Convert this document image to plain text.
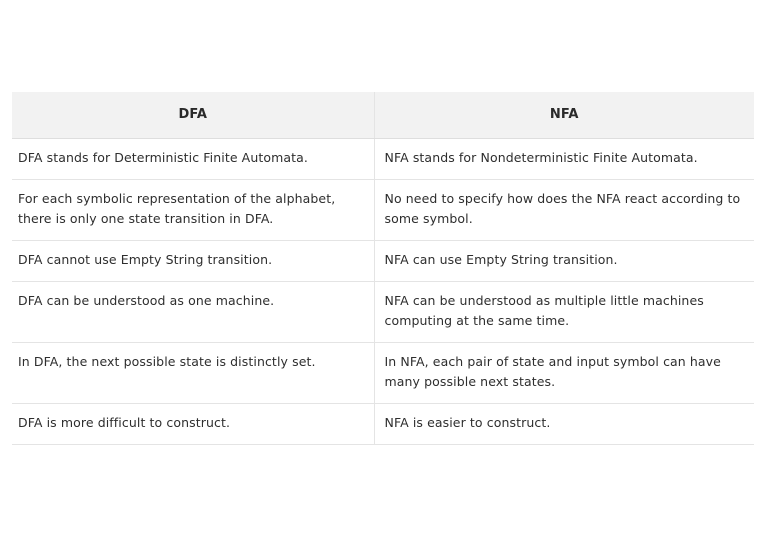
DFA	NFA
DFA stands for Deterministic Finite Automata.	NFA stands for Nondeterministic Finite Automata.
For each symbolic representation of the alphabet, there is only one state transition in DFA.	No need to specify how does the NFA react according to some symbol.
DFA cannot use Empty String transition.	NFA can use Empty String transition.
DFA can be understood as one machine.	NFA can be understood as multiple little machines computing at the same time.
In DFA, the next possible state is distinctly set.	In NFA, each pair of state and input symbol can have many possible next states.
DFA is more difficult to construct.	NFA is easier to construct.
